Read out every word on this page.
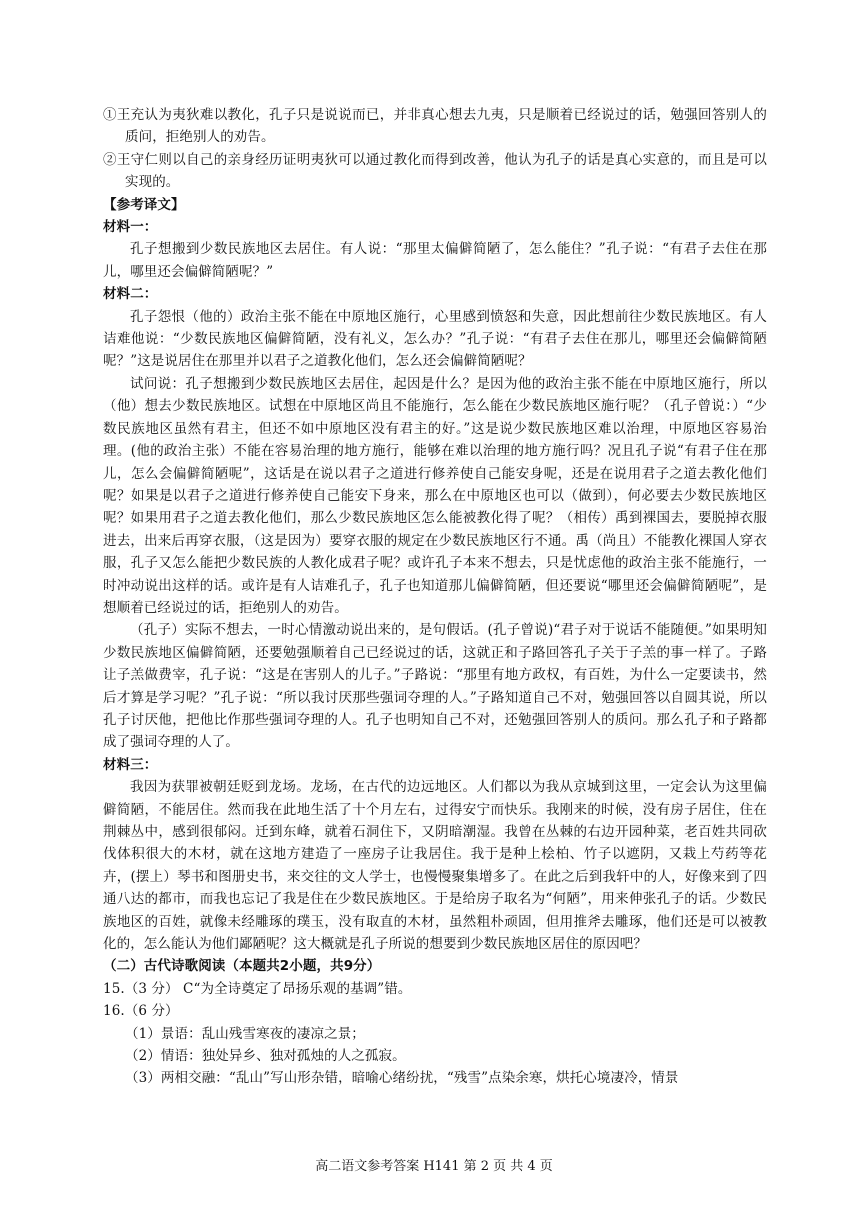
①王充认为夷狄难以教化，孔子只是说说而已，并非真心想去九夷，只是顺着已经说过的话，勉强回答别人的质问，拒绝别人的劝告。

②王守仁则以自己的亲身经历证明夷狄可以通过教化而得到改善，他认为孔子的话是真心实意的，而且是可以实现的。

【参考译文】

材料一：

孔子想搬到少数民族地区去居住。有人说：“那里太偏僻简陋了，怎么能住？”孔子说：“有君子去住在那儿，哪里还会偏僻简陋呢？”

材料二：

孔子怨恨（他的）政治主张不能在中原地区施行，心里感到愤怒和失意，因此想前往少数民族地区。有人诘难他说：“少数民族地区偏僻简陋，没有礼义，怎么办？”孔子说：“有君子去住在那儿，哪里还会偏僻简陋呢？”这是说居住在那里并以君子之道教化他们，怎么还会偏僻简陋呢？

试问说：孔子想搬到少数民族地区去居住，起因是什么？是因为他的政治主张不能在中原地区施行，所以（他）想去少数民族地区。试想在中原地区尚且不能施行，怎么能在少数民族地区施行呢？（孔子曾说：）“少数民族地区虽然有君主，但还不如中原地区没有君主的好。”这是说少数民族地区难以治理，中原地区容易治理。(他的政治主张）不能在容易治理的地方施行，能够在难以治理的地方施行吗？况且孔子说“有君子住在那儿，怎么会偏僻简陋呢”，这话是在说以君子之道进行修养使自己能安身呢，还是在说用君子之道去教化他们呢？如果是以君子之道进行修养使自己能安下身来，那么在中原地区也可以（做到），何必要去少数民族地区呢？如果用君子之道去教化他们，那么少数民族地区怎么能被教化得了呢？（相传）禹到裸国去，要脱掉衣服进去，出来后再穿衣服，（这是因为）要穿衣服的规定在少数民族地区行不通。禹（尚且）不能教化裸国人穿衣服，孔子又怎么能把少数民族的人教化成君子呢？或许孔子本来不想去，只是忧虑他的政治主张不能施行，一时冲动说出这样的话。或许是有人诘难孔子，孔子也知道那儿偏僻简陋，但还要说“哪里还会偏僻简陋呢”，是想顺着已经说过的话，拒绝别人的劝告。

（孔子）实际不想去，一时心情激动说出来的，是句假话。(孔子曾说)“君子对于说话不能随便。”如果明知少数民族地区偏僻简陋，还要勉强顺着自己已经说过的话，这就正和子路回答孔子关于子羔的事一样了。子路让子羔做费宰，孔子说：“这是在害别人的儿子。”子路说：“那里有地方政权，有百姓，为什么一定要读书，然后才算是学习呢？”孔子说：“所以我讨厌那些强词夺理的人。”子路知道自己不对，勉强回答以自圆其说，所以孔子讨厌他，把他比作那些强词夺理的人。孔子也明知自己不对，还勉强回答别人的质问。那么孔子和子路都成了强词夺理的人了。

材料三：

我因为获罪被朝廷贬到龙场。龙场，在古代的边远地区。人们都以为我从京城到这里，一定会认为这里偏僻简陋，不能居住。然而我在此地生活了十个月左右，过得安宁而快乐。我刚来的时候，没有房子居住，住在荆棘丛中，感到很郁闷。迁到东峰，就着石洞住下，又阴暗潮湿。我曾在丛棘的右边开园种菜，老百姓共同砍伐体积很大的木材，就在这地方建造了一座房子让我居住。我于是种上桧柏、竹子以遮阴，又栽上芍药等花卉，(摆上）琴书和图册史书，来交往的文人学士，也慢慢聚集增多了。在此之后到我轩中的人，好像来到了四通八达的都市，而我也忘记了我是住在少数民族地区。于是给房子取名为“何陋”，用来伸张孔子的话。少数民族地区的百姓，就像未经雕琢的璞玉，没有取直的木材，虽然粗朴顽固，但用推斧去雕琢，他们还是可以被教化的，怎么能认为他们鄙陋呢？这大概就是孔子所说的想要到少数民族地区居住的原因吧？

（二）古代诗歌阅读（本题共2小题，共9分）

15.（3 分） C“为全诗奠定了昂扬乐观的基调”错。

16.（6 分）

（1）景语：乱山残雪寒夜的凄凉之景；

（2）情语：独处异乡、独对孤烛的人之孤寂。

（3）两相交融：“乱山”写山形杂错，暗喻心绪纷扰，“残雪”点染余寒，烘托心境凄冷，情景

高二语文参考答案 H141 第 2 页 共 4 页
